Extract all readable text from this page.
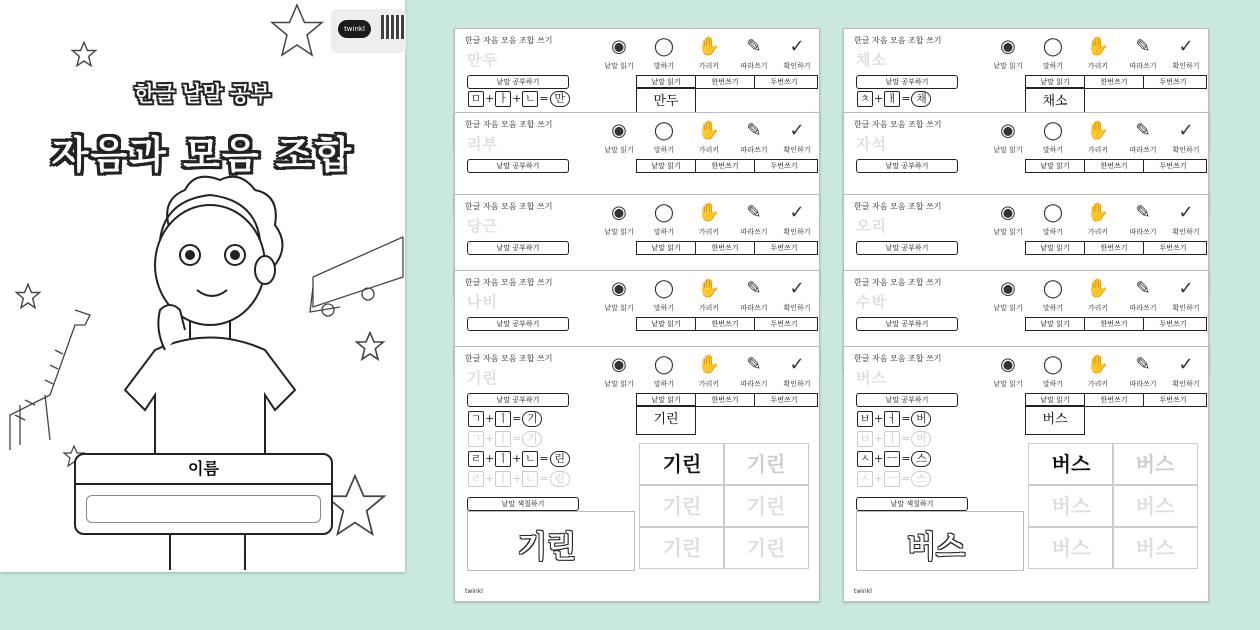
twinkl
한글 낱말 공부
자음과 모음 조합
이름
한글 자음 모음 조합 쓰기
만두
◉
낱말 읽기
◯
말하기
✋
가리키
✎
따라쓰기
✓
확인하기
낱말 공부하기	낱말 읽기	한번쓰기	두번쓰기
ㅁ + ㅏ + ㄴ = 만	만두
한글 자음 모음 조합 쓰기
리부
◉
낱말 읽기
◯
말하기
✋
가리키
✎
따라쓰기
✓
확인하기
낱말 공부하기	낱말 읽기	한번쓰기	두번쓰기
한글 자음 모음 조합 쓰기
당근
◉
낱말 읽기
◯
말하기
✋
가리키
✎
따라쓰기
✓
확인하기
낱말 공부하기	낱말 읽기	한번쓰기	두번쓰기
한글 자음 모음 조합 쓰기
나비
◉
낱말 읽기
◯
말하기
✋
가리키
✎
따라쓰기
✓
확인하기
낱말 공부하기	낱말 읽기	한번쓰기	두번쓰기
한글 자음 모음 조합 쓰기
기린
◉
낱말 읽기
◯
말하기
✋
가리키
✎
따라쓰기
✓
확인하기
낱말 공부하기	낱말 읽기	한번쓰기	두번쓰기
기린
ㄱ + ㅣ = 기
ㄱ + ㅣ = 기
ㄹ + ㅣ + ㄴ = 린
ㄹ + ㅣ + ㄴ = 린
기린	기린
기린	기린
기린	기린
낱말 색칠하기
기린
twinkl
한글 자음 모음 조합 쓰기
채소
◉
낱말 읽기
◯
말하기
✋
가리키
✎
따라쓰기
✓
확인하기
낱말 공부하기	낱말 읽기	한번쓰기	두번쓰기
ㅊ + ㅐ = 채	채소
한글 자음 모음 조합 쓰기
자석
◉
낱말 읽기
◯
말하기
✋
가리키
✎
따라쓰기
✓
확인하기
낱말 공부하기	낱말 읽기	한번쓰기	두번쓰기
한글 자음 모음 조합 쓰기
오리
◉
낱말 읽기
◯
말하기
✋
가리키
✎
따라쓰기
✓
확인하기
낱말 공부하기	낱말 읽기	한번쓰기	두번쓰기
한글 자음 모음 조합 쓰기
수박
◉
낱말 읽기
◯
말하기
✋
가리키
✎
따라쓰기
✓
확인하기
낱말 공부하기	낱말 읽기	한번쓰기	두번쓰기
한글 자음 모음 조합 쓰기
버스
◉
낱말 읽기
◯
말하기
✋
가리키
✎
따라쓰기
✓
확인하기
낱말 공부하기	낱말 읽기	한번쓰기	두번쓰기
버스
ㅂ + ㅓ = 버
ㅂ + ㅓ = 버
ㅅ + ㅡ = 스
ㅅ + ㅡ = 스
버스	버스
버스	버스
버스	버스
낱말 색칠하기
버스
twinkl
